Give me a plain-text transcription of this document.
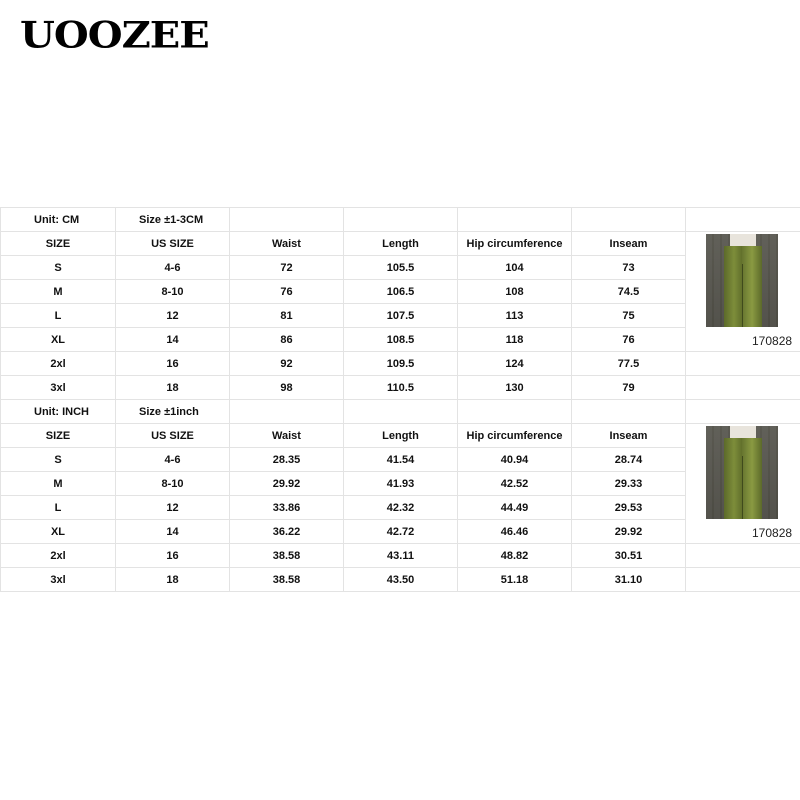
UOOZEE
Unit: CM	Size ±1-3CM					
SIZE	US SIZE	Waist	Length	Hip circumference	Inseam	170828

S	4-6	72	105.5	104	73	
M	8-10	76	106.5	108	74.5	
L	12	81	107.5	113	75	
XL	14	86	108.5	118	76	
2xl	16	92	109.5	124	77.5	
3xl	18	98	110.5	130	79	
Unit: INCH	Size ±1inch					
SIZE	US SIZE	Waist	Length	Hip circumference	Inseam	170828

S	4-6	28.35	41.54	40.94	28.74	
M	8-10	29.92	41.93	42.52	29.33	
L	12	33.86	42.32	44.49	29.53	
XL	14	36.22	42.72	46.46	29.92	
2xl	16	38.58	43.11	48.82	30.51	
3xl	18	38.58	43.50	51.18	31.10	
